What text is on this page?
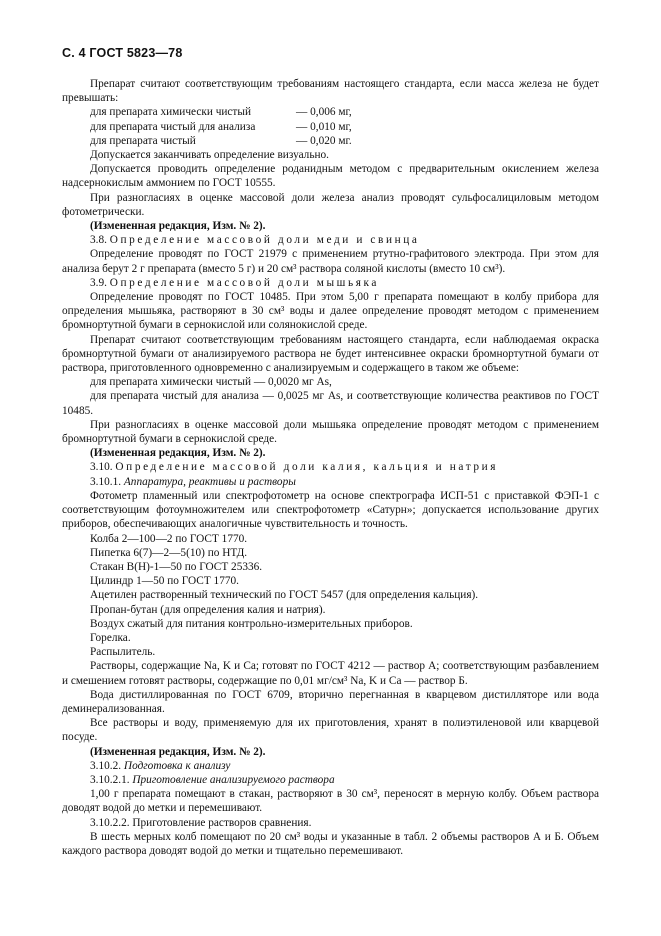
С. 4 ГОСТ 5823—78

Препарат считают соответствующим требованиям настоящего стандарта, если масса железа не будет превышать:

для препарата химически чистый	— 0,006 мг,
для препарата чистый для анализа	— 0,010 мг,
для препарата чистый	— 0,020 мг.

Допускается заканчивать определение визуально.

Допускается проводить определение роданидным методом с предварительным окислением железа надсернокислым аммонием по ГОСТ 10555.

При разногласиях в оценке массовой доли железа анализ проводят сульфосалициловым методом фотометрически.

(Измененная редакция, Изм. № 2).

3.8. Определение массовой доли меди и свинца

Определение проводят по ГОСТ 21979 с применением ртутно-графитового электрода. При этом для анализа берут 2 г препарата (вместо 5 г) и 20 см³ раствора соляной кислоты (вместо 10 см³).

3.9. Определение массовой доли мышьяка

Определение проводят по ГОСТ 10485. При этом 5,00 г препарата помещают в колбу прибора для определения мышьяка, растворяют в 30 см³ воды и далее определение проводят методом с применением бромнортутной бумаги в сернокислой или солянокислой среде.

Препарат считают соответствующим требованиям настоящего стандарта, если наблюдаемая окраска бромнортутной бумаги от анализируемого раствора не будет интенсивнее окраски бромнортутной бумаги от раствора, приготовленного одновременно с анализируемым и содержащего в таком же объеме:

для препарата химически чистый — 0,0020 мг As,

для препарата чистый для анализа — 0,0025 мг As, и соответствующие количества реактивов по ГОСТ 10485.

При разногласиях в оценке массовой доли мышьяка определение проводят методом с применением бромнортутной бумаги в сернокислой среде.

(Измененная редакция, Изм. № 2).

3.10. Определение массовой доли калия, кальция и натрия

3.10.1. Аппаратура, реактивы и растворы

Фотометр пламенный или спектрофотометр на основе спектрографа ИСП-51 с приставкой ФЭП-1 с соответствующим фотоумножителем или спектрофотометр «Сатурн»; допускается использование других приборов, обеспечивающих аналогичные чувствительность и точность.

Колба 2—100—2 по ГОСТ 1770.

Пипетка 6(7)—2—5(10) по НТД.

Стакан В(Н)-1—50 по ГОСТ 25336.

Цилиндр 1—50 по ГОСТ 1770.

Ацетилен растворенный технический по ГОСТ 5457 (для определения кальция).

Пропан-бутан (для определения калия и натрия).

Воздух сжатый для питания контрольно-измерительных приборов.

Горелка.

Распылитель.

Растворы, содержащие Na, K и Ca; готовят по ГОСТ 4212 — раствор А; соответствующим разбавлением и смешением готовят растворы, содержащие по 0,01 мг/см³ Na, K и Ca — раствор Б.

Вода дистиллированная по ГОСТ 6709, вторично перегнанная в кварцевом дистилляторе или вода деминерализованная.

Все растворы и воду, применяемую для их приготовления, хранят в полиэтиленовой или кварцевой посуде.

(Измененная редакция, Изм. № 2).

3.10.2. Подготовка к анализу

3.10.2.1. Приготовление анализируемого раствора

1,00 г препарата помещают в стакан, растворяют в 30 см³, переносят в мерную колбу. Объем раствора доводят водой до метки и перемешивают.

3.10.2.2. Приготовление растворов сравнения.

В шесть мерных колб помещают по 20 см³ воды и указанные в табл. 2 объемы растворов А и Б. Объем каждого раствора доводят водой до метки и тщательно перемешивают.
